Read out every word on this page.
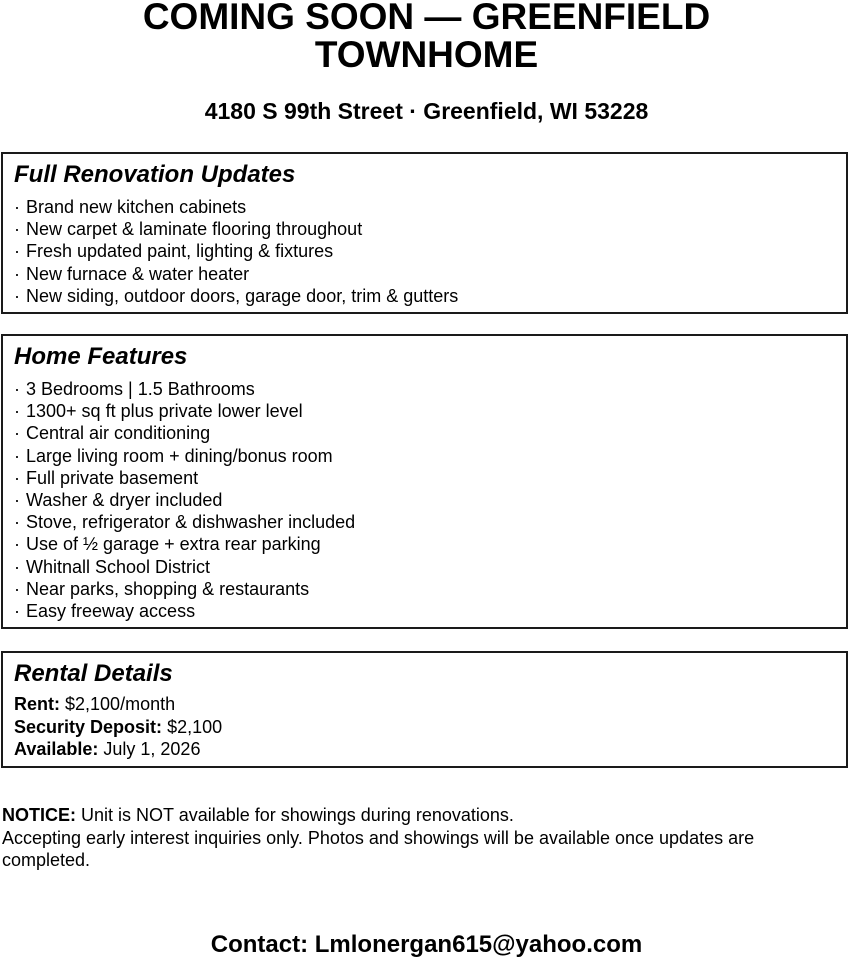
COMING SOON — GREENFIELD
TOWNHOME
4180 S 99th Street · Greenfield, WI 53228
Full Renovation Updates
· Brand new kitchen cabinets
· New carpet & laminate flooring throughout
· Fresh updated paint, lighting & fixtures
· New furnace & water heater
· New siding, outdoor doors, garage door, trim & gutters
Home Features
· 3 Bedrooms | 1.5 Bathrooms
· 1300+ sq ft plus private lower level
· Central air conditioning
· Large living room + dining/bonus room
· Full private basement
· Washer & dryer included
· Stove, refrigerator & dishwasher included
· Use of ½ garage + extra rear parking
· Whitnall School District
· Near parks, shopping & restaurants
· Easy freeway access
Rental Details
Rent: $2,100/month
Security Deposit: $2,100
Available: July 1, 2026
NOTICE: Unit is NOT available for showings during renovations.
Accepting early interest inquiries only. Photos and showings will be available once updates are completed.
Contact: Lmlonergan615@yahoo.com
